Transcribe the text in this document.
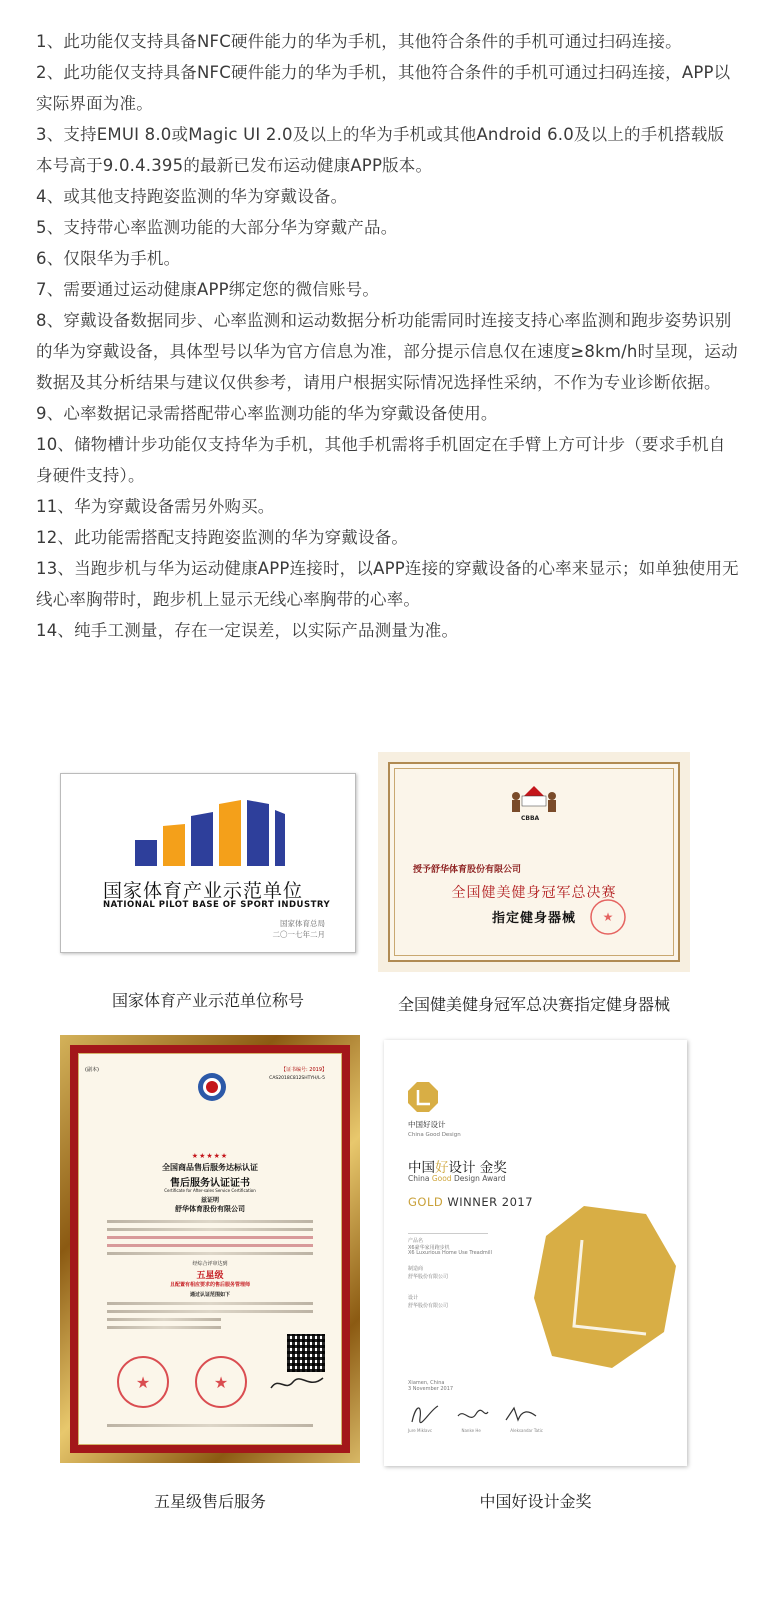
1、此功能仅支持具备NFC硬件能力的华为手机，其他符合条件的手机可通过扫码连接。

2、此功能仅支持具备NFC硬件能力的华为手机，其他符合条件的手机可通过扫码连接，APP以实际界面为准。

3、支持EMUI 8.0或Magic UI 2.0及以上的华为手机或其他Android 6.0及以上的手机搭载版本号高于9.0.4.395的最新已发布运动健康APP版本。

4、或其他支持跑姿监测的华为穿戴设备。

5、支持带心率监测功能的大部分华为穿戴产品。

6、仅限华为手机。

7、需要通过运动健康APP绑定您的微信账号。

8、穿戴设备数据同步、心率监测和运动数据分析功能需同时连接支持心率监测和跑步姿势识别的华为穿戴设备，具体型号以华为官方信息为准，部分提示信息仅在速度≥8km/h时呈现，运动数据及其分析结果与建议仅供参考，请用户根据实际情况选择性采纳，不作为专业诊断依据。

9、心率数据记录需搭配带心率监测功能的华为穿戴设备使用。

10、储物槽计步功能仅支持华为手机，其他手机需将手机固定在手臂上方可计步（要求手机自身硬件支持）。

11、华为穿戴设备需另外购买。

12、此功能需搭配支持跑姿监测的华为穿戴设备。

13、当跑步机与华为运动健康APP连接时，以APP连接的穿戴设备的心率来显示；如单独使用无线心率胸带时，跑步机上显示无线心率胸带的心率。

14、纯手工测量，存在一定误差，以实际产品测量为准。

国家体育产业示范单位
NATIONAL PILOT BASE OF SPORT INDUSTRY
国家体育总局
二〇一七年二月
国家体育产业示范单位称号
CBBA
授予舒华体育股份有限公司
全国健美健身冠军总决赛
指定健身器械	★
全国健美健身冠军总决赛指定健身器械
(副本)	【证书编号: 2019】
CAS2018C812SHTYH/L-5
★★★★★
全国商品售后服务达标认证
售后服务认证证书
Certificate for After-sales Service Certification
兹证明
舒华体育股份有限公司
经综合评审达到
五星级
且配置有相应要求的售后服务管理师
通过认证范围如下
★	★
五星级售后服务
中国好设计
China Good Design
中国好设计 金奖
China Good Design Award
GOLD WINNER 2017
产品名
X6豪华家用跑步机
X6 Luxurious Home Use Treadmill
制造商
舒华股份有限公司
设计
舒华股份有限公司
Xiamen, China
3 November 2017
Jure Miklavc	Nanke He	Aleksandar Tatic
中国好设计金奖
